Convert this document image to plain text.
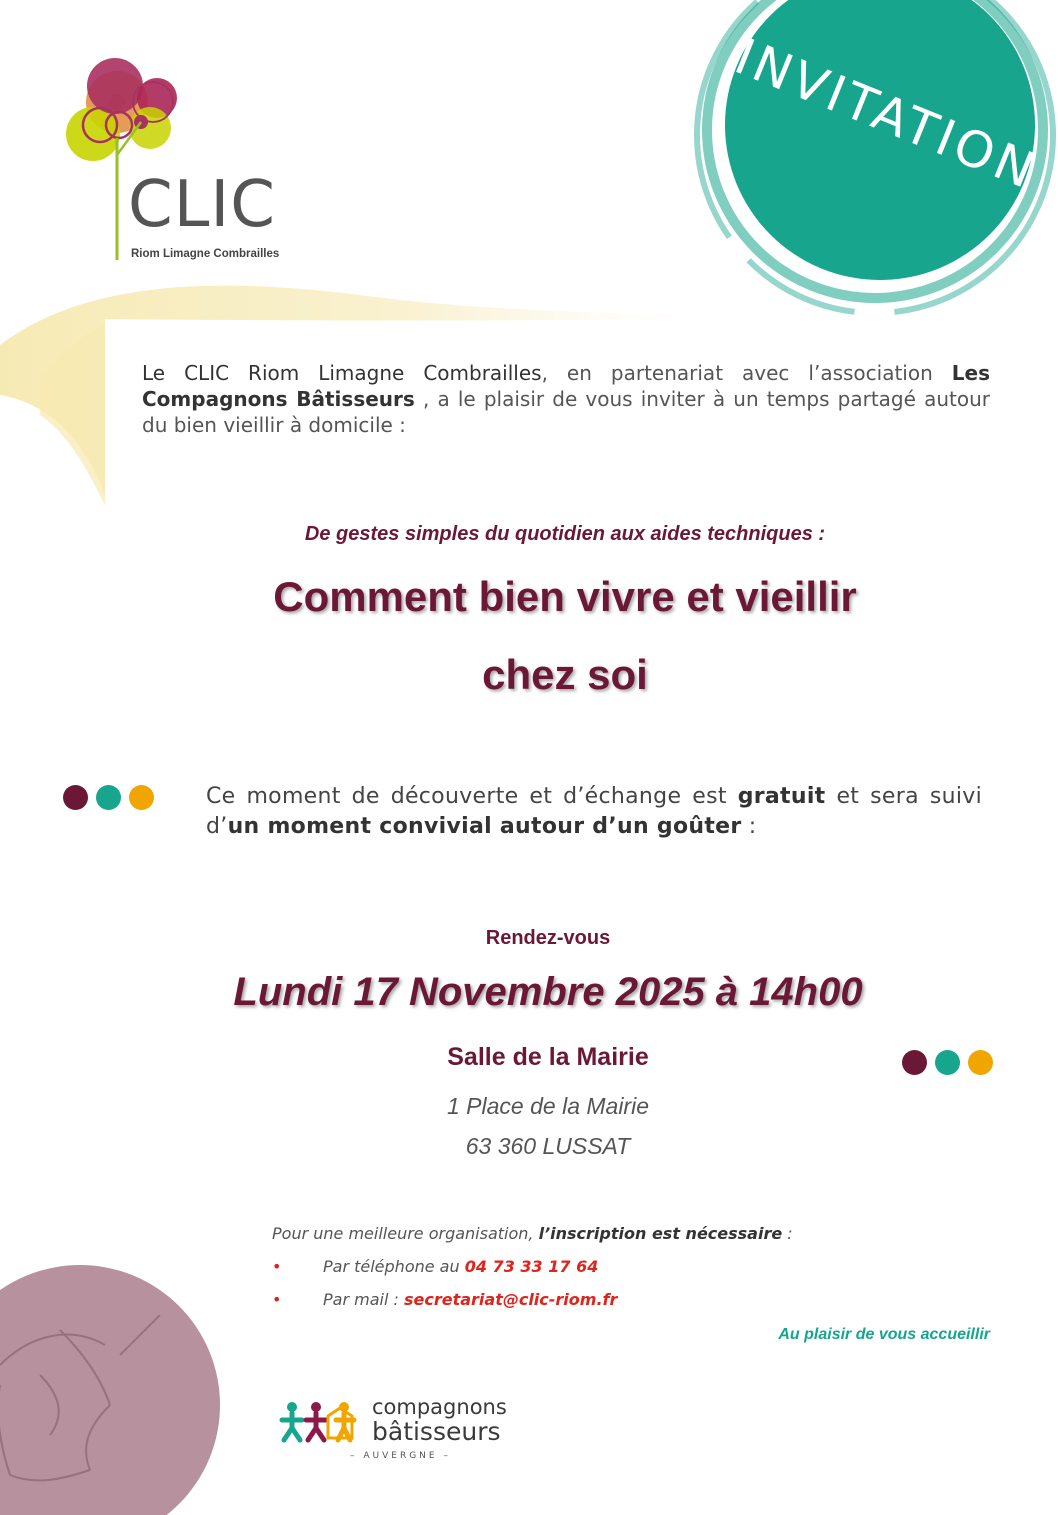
CLIC
Riom Limagne Combrailles
INVITATION
Le CLIC Riom Limagne Combrailles, en partenariat avec l’association Les Compagnons Bâtisseurs , a le plaisir de vous inviter à un temps partagé autour du bien vieillir à domicile :
De gestes simples du quotidien aux aides techniques :
Comment bien vivre et vieillir
chez soi
Ce moment de découverte et d’échange est gratuit et sera suivi d’un moment convivial autour d’un goûter :
Rendez-vous
Lundi 17 Novembre 2025 à 14h00
Salle de la Mairie
1 Place de la Mairie
63 360 LUSSAT
Pour une meilleure organisation, l’inscription est nécessaire :
•	Par téléphone au 04 73 33 17 64
•	Par mail : secretariat@clic-riom.fr
Au plaisir de vous accueillir
compagnons
bâtisseurs
– AUVERGNE –
